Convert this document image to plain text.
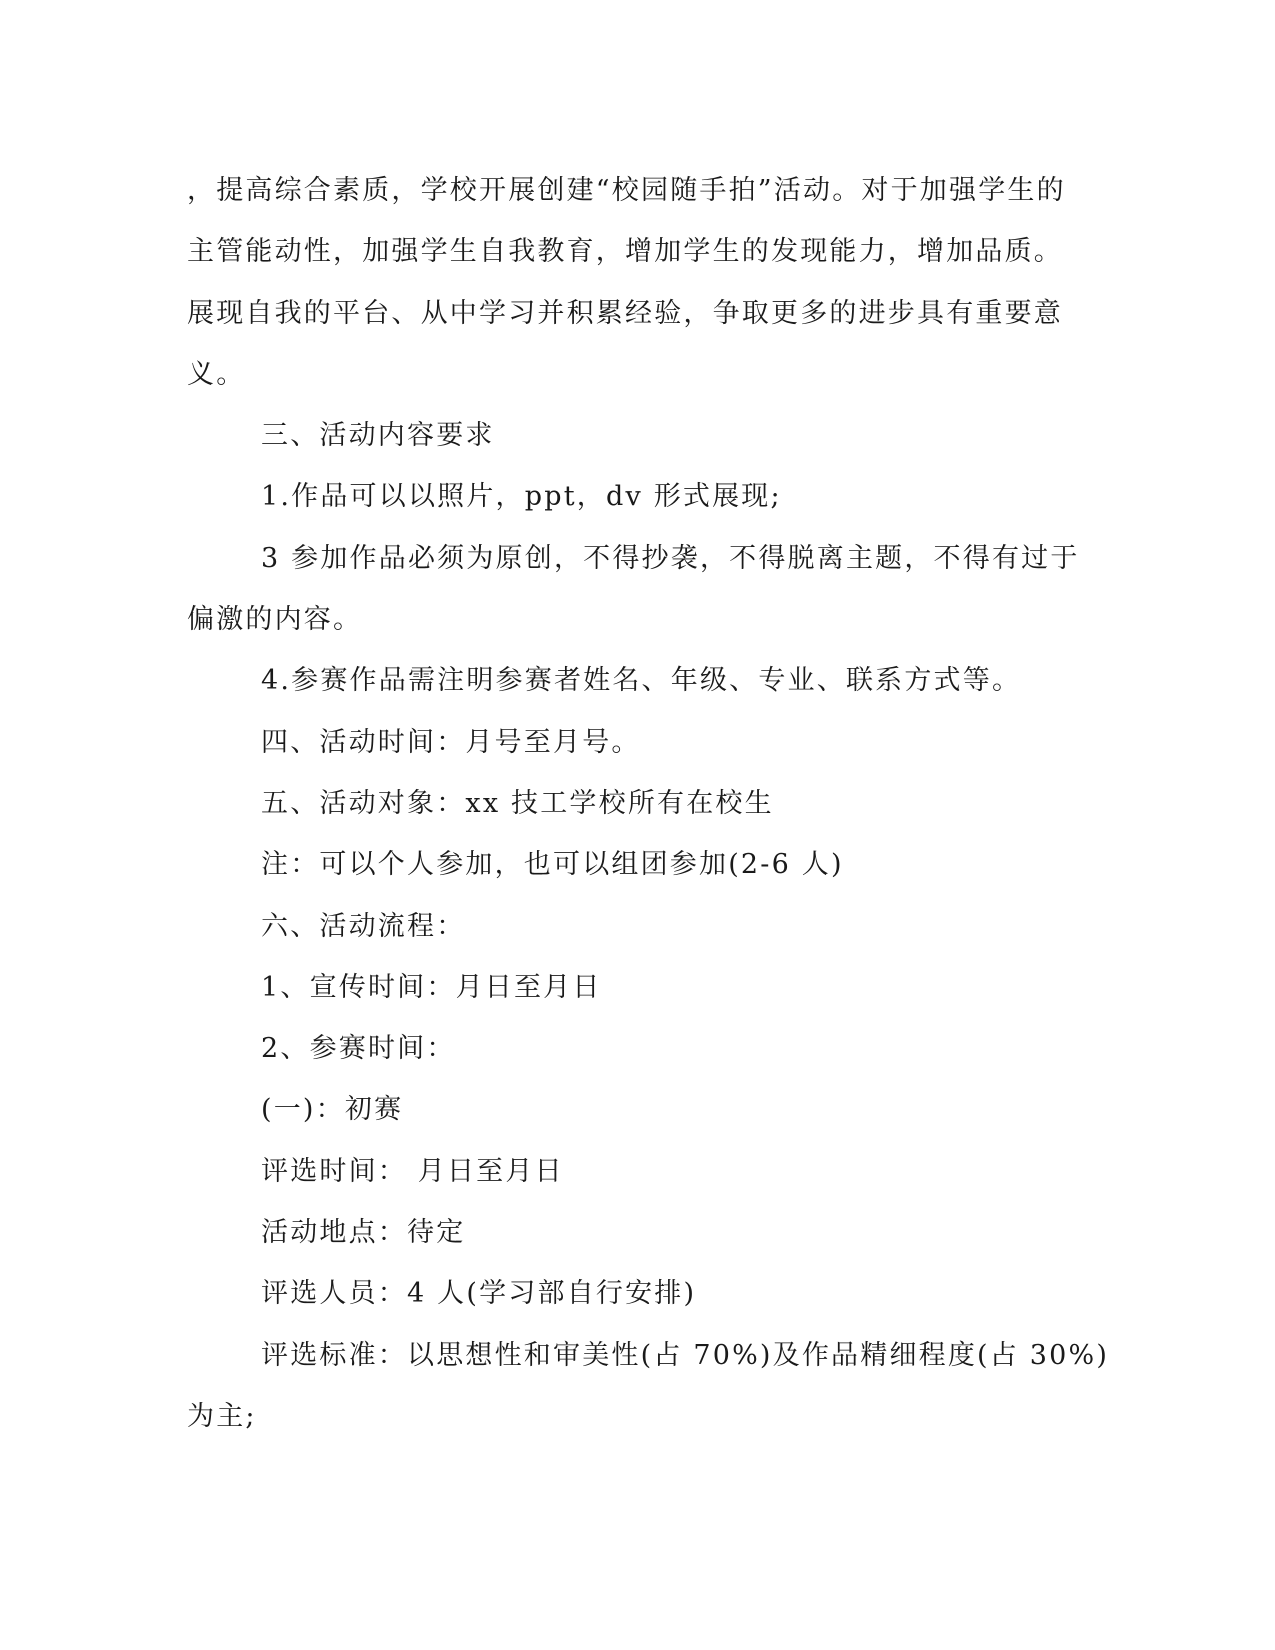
，提高综合素质，学校开展创建“校园随手拍”活动。对于加强学生的
主管能动性，加强学生自我教育，增加学生的发现能力，增加品质。
展现自我的平台、从中学习并积累经验，争取更多的进步具有重要意
义。
三、活动内容要求
1.作品可以以照片，ppt，dv 形式展现;
3 参加作品必须为原创，不得抄袭，不得脱离主题，不得有过于
偏激的内容。
4.参赛作品需注明参赛者姓名、年级、专业、联系方式等。
四、活动时间：月号至月号。
五、活动对象：xx 技工学校所有在校生
注：可以个人参加，也可以组团参加(2-6 人)
六、活动流程：
1、宣传时间：月日至月日
2、参赛时间：
(一)：初赛
评选时间： 月日至月日
活动地点：待定
评选人员：4 人(学习部自行安排)
评选标准：以思想性和审美性(占 70%)及作品精细程度(占 30%)
为主;
